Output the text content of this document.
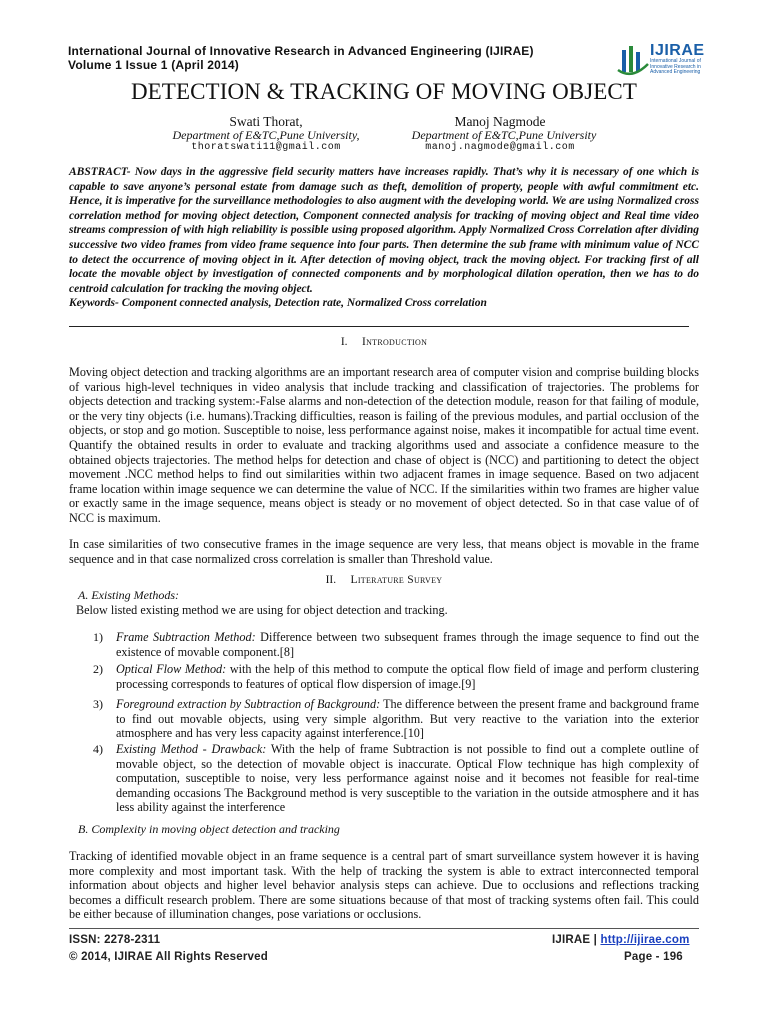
International Journal of Innovative Research in Advanced Engineering (IJIRAE)
Volume 1 Issue 1 (April 2014)
IJIRAE
International Journal of Innovative Research in Advanced Engineering
DETECTION & TRACKING OF MOVING OBJECT
Swati Thorat,	Manoj Nagmode
Department of E&TC,Pune University,	Department of E&TC,Pune University
thoratswati11@gmail.com	manoj.nagmode@gmail.com
ABSTRACT- Now days in the aggressive field security matters have increases rapidly. That’s why it is necessary of one which is capable to save anyone’s personal estate from damage such as theft, demolition of property, people with awful commitment etc. Hence, it is imperative for the surveillance methodologies to also augment with the developing world. We are using Normalized cross correlation method for moving object detection, Component connected analysis for tracking of moving object and Real time video streams compression of with high reliability is possible using proposed algorithm. Apply Normalized Cross Correlation after dividing successive two video frames from video frame sequence into four parts. Then determine the sub frame with minimum value of NCC to detect the occurrence of moving object in it. After detection of moving object, track the moving object. For tracking first of all locate the movable object by investigation of connected components and by morphological dilation operation, then we has to do centroid calculation for tracking the moving object.
Keywords- Component connected analysis, Detection rate, Normalized Cross correlation
I. Introduction
Moving object detection and tracking algorithms are an important research area of computer vision and comprise building blocks of various high-level techniques in video analysis that include tracking and classification of trajectories. The problems for objects detection and tracking system:-False alarms and non-detection of the detection module, reason for that failing of module, or the very tiny objects (i.e. humans).Tracking difficulties, reason is failing of the previous modules, and partial occlusion of the objects, or stop and go motion. Susceptible to noise, less performance against noise, makes it incompatible for actual time event. Quantify the obtained results in order to evaluate and tracking algorithms used and associate a confidence measure to the obtained objects trajectories. The method helps for detection and chase of object is (NCC) and partitioning to detect the object movement .NCC method helps to find out similarities within two adjacent frames in image sequence. Based on two adjacent frame location within image sequence we can determine the value of NCC. If the similarities within two frames are higher value or exactly same in the image sequence, means object is steady or no movement of object detected. So in that case value of of NCC is maximum.
In case similarities of two consecutive frames in the image sequence are very less, that means object is movable in the frame sequence and in that case normalized cross correlation is smaller than Threshold value.
II. Literature Survey
A. Existing Methods:
Below listed existing method we are using for object detection and tracking.
1) Frame Subtraction Method: Difference between two subsequent frames through the image sequence to find out the existence of movable component.[8]
2) Optical Flow Method: with the help of this method to compute the optical flow field of image and perform clustering processing corresponds to features of optical flow dispersion of image.[9]
3) Foreground extraction by Subtraction of Background: The difference between the present frame and background frame to find out movable objects, using very simple algorithm. But very reactive to the variation into the exterior atmosphere and has very less capacity against interference.[10]
4) Existing Method - Drawback: With the help of frame Subtraction is not possible to find out a complete outline of movable object, so the detection of movable object is inaccurate. Optical Flow technique has high complexity of computation, susceptible to noise, very less performance against noise and it becomes not feasible for real-time demanding occasions The Background method is very susceptible to the variation in the outside atmosphere and it has less ability against the interference
B. Complexity in moving object detection and tracking
Tracking of identified movable object in an frame sequence is a central part of smart surveillance system however it is having more complexity and most important task. With the help of tracking the system is able to extract interconnected temporal information about objects and higher level behavior analysis steps can achieve. Due to occlusions and reflections tracking becomes a difficult research problem. There are some situations because of that most of tracking systems often fail. This could be either because of illumination changes, pose variations or occlusions.
ISSN: 2278-2311
© 2014, IJIRAE All Rights Reserved
IJIRAE | http://ijirae.com
Page - 196
